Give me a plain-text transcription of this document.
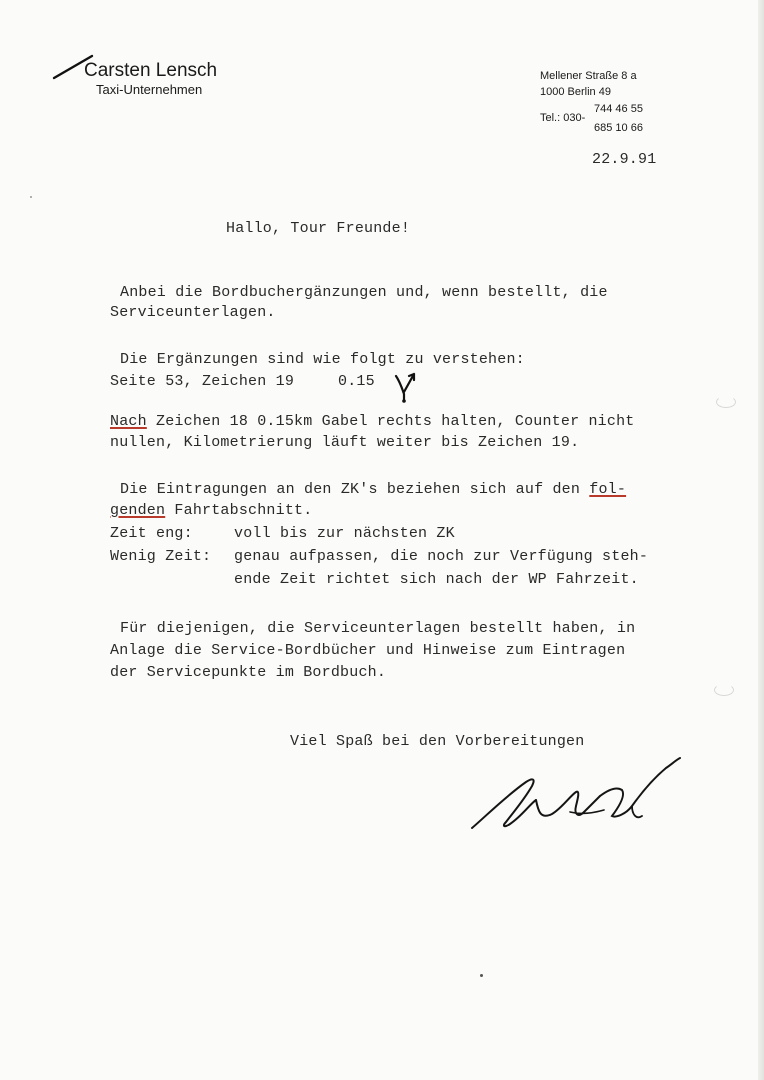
Carsten Lensch
Taxi-Unternehmen
Mellener Straße 8 a
1000 Berlin 49
Tel.: 030-
744 46 55
685 10 66
22.9.91
Hallo, Tour Freunde!
Anbei die Bordbuchergänzungen und, wenn bestellt, die
Serviceunterlagen.
Die Ergänzungen sind wie folgt zu verstehen:
Seite 53, Zeichen 19	0.15
Nach Zeichen 18 0.15km Gabel rechts halten, Counter nicht
nullen, Kilometrierung läuft weiter bis Zeichen 19.
Die Eintragungen an den ZK's beziehen sich auf den fol-
genden Fahrtabschnitt.
Zeit eng:	voll bis zur nächsten ZK
Wenig Zeit: genau aufpassen, die noch zur Verfügung steh-
ende Zeit richtet sich nach der WP Fahrzeit.
Für diejenigen, die Serviceunterlagen bestellt haben, in
Anlage die Service-Bordbücher und Hinweise zum Eintragen
der Servicepunkte im Bordbuch.
Viel Spaß bei den Vorbereitungen
